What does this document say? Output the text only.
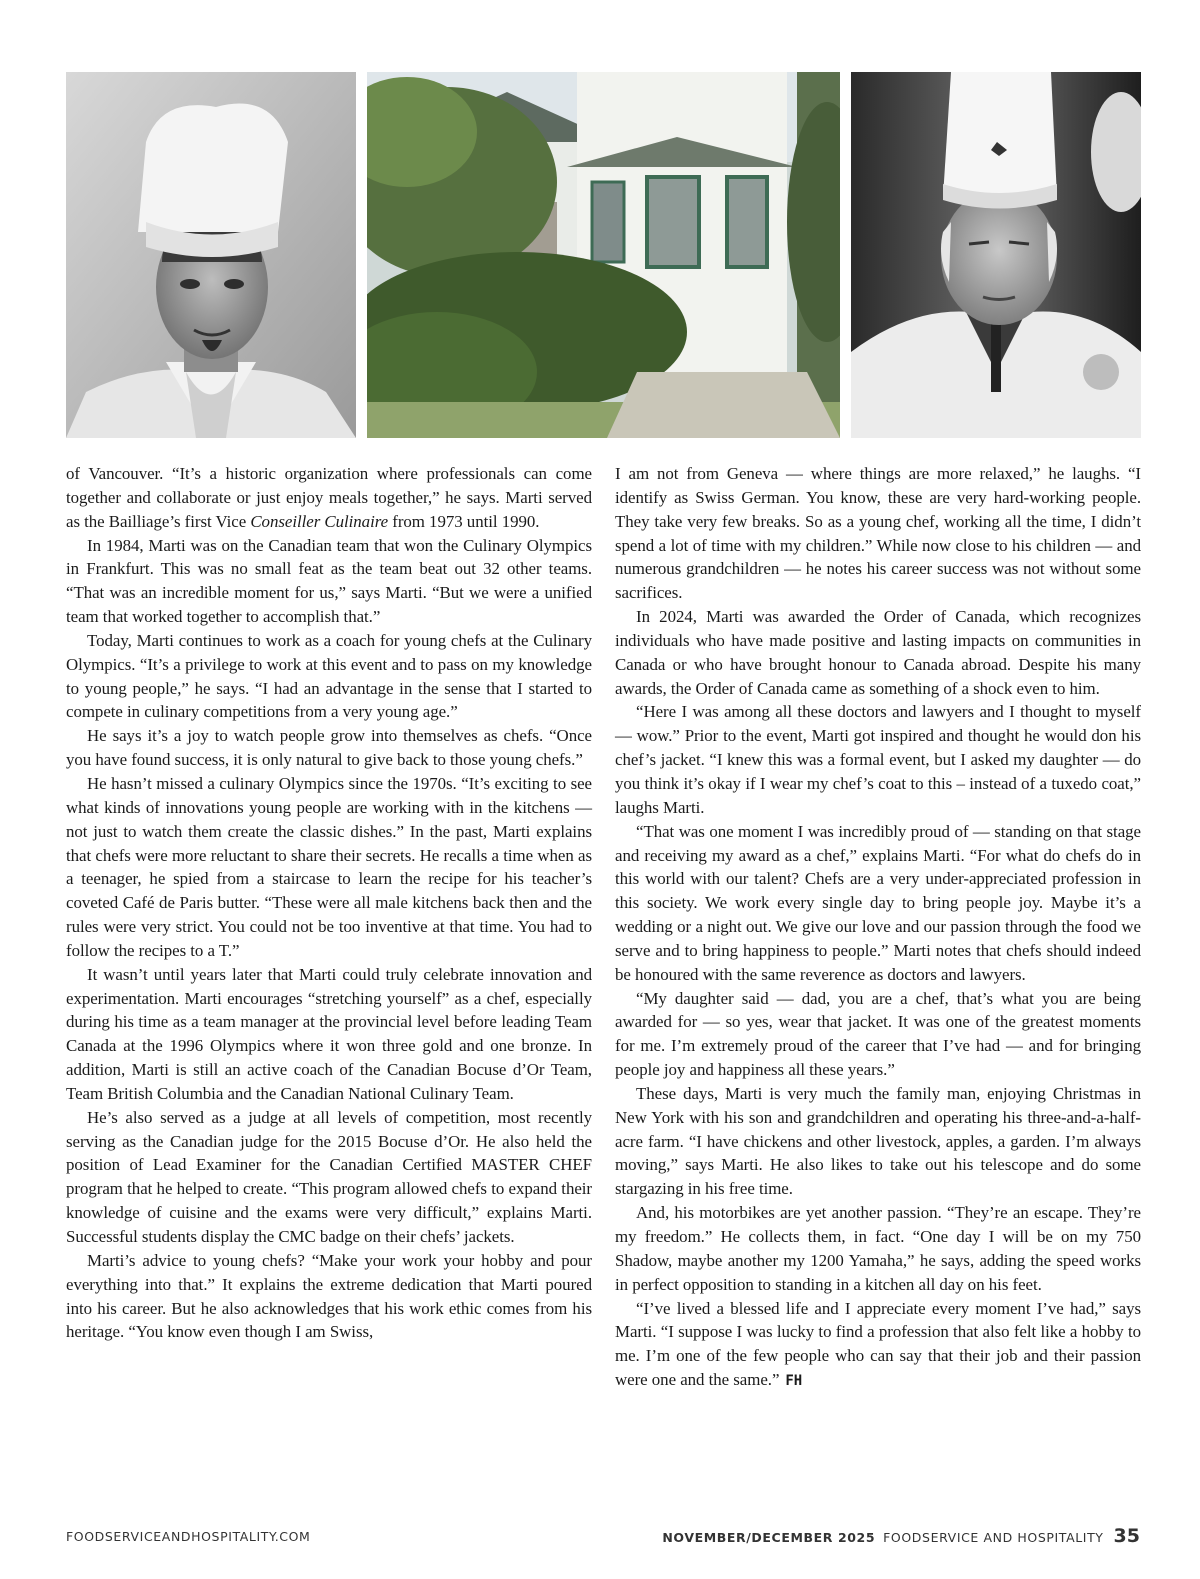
of Vancouver. “It’s a historic organization where professionals can come together and collaborate or just enjoy meals together,” he says. Marti served as the Bailliage’s first Vice Conseiller Culinaire from 1973 until 1990.

In 1984, Marti was on the Canadian team that won the Culinary Olympics in Frankfurt. This was no small feat as the team beat out 32 other teams. “That was an incredible moment for us,” says Marti. “But we were a unified team that worked together to accomplish that.”

Today, Marti continues to work as a coach for young chefs at the Culinary Olympics. “It’s a privilege to work at this event and to pass on my knowledge to young people,” he says. “I had an advantage in the sense that I started to compete in culinary competitions from a very young age.”

He says it’s a joy to watch people grow into themselves as chefs. “Once you have found success, it is only natural to give back to those young chefs.”

He hasn’t missed a culinary Olympics since the 1970s. “It’s exciting to see what kinds of innovations young people are working with in the kitchens — not just to watch them create the classic dishes.” In the past, Marti explains that chefs were more reluctant to share their secrets. He recalls a time when as a teenager, he spied from a staircase to learn the recipe for his teacher’s coveted Café de Paris butter. “These were all male kitchens back then and the rules were very strict. You could not be too inventive at that time. You had to follow the recipes to a T.”

It wasn’t until years later that Marti could truly celebrate innovation and experimentation. Marti encourages “stretching yourself” as a chef, especially during his time as a team manager at the provincial level before leading Team Canada at the 1996 Olympics where it won three gold and one bronze. In addition, Marti is still an active coach of the Canadian Bocuse d’Or Team, Team British Columbia and the Canadian National Culinary Team.

He’s also served as a judge at all levels of competition, most recently serving as the Canadian judge for the 2015 Bocuse d’Or. He also held the position of Lead Examiner for the Canadian Certified MASTER CHEF program that he helped to create. “This program allowed chefs to expand their knowledge of cuisine and the exams were very difficult,” explains Marti. Successful students display the CMC badge on their chefs’ jackets.

Marti’s advice to young chefs? “Make your work your hobby and pour everything into that.” It explains the extreme dedication that Marti poured into his career. But he also acknowledges that his work ethic comes from his heritage. “You know even though I am Swiss,

I am not from Geneva — where things are more relaxed,” he laughs. “I identify as Swiss German. You know, these are very hard-working people. They take very few breaks. So as a young chef, working all the time, I didn’t spend a lot of time with my children.” While now close to his children — and numerous grandchildren — he notes his career success was not without some sacrifices.

In 2024, Marti was awarded the Order of Canada, which recognizes individuals who have made positive and lasting impacts on communities in Canada or who have brought honour to Canada abroad. Despite his many awards, the Order of Canada came as something of a shock even to him.

“Here I was among all these doctors and lawyers and I thought to myself — wow.” Prior to the event, Marti got inspired and thought he would don his chef’s jacket. “I knew this was a formal event, but I asked my daughter — do you think it’s okay if I wear my chef’s coat to this – instead of a tuxedo coat,” laughs Marti.

“That was one moment I was incredibly proud of — standing on that stage and receiving my award as a chef,” explains Marti. “For what do chefs do in this world with our talent? Chefs are a very under-appreciated profession in this society. We work every single day to bring people joy. Maybe it’s a wedding or a night out. We give our love and our passion through the food we serve and to bring happiness to people.” Marti notes that chefs should indeed be honoured with the same reverence as doctors and lawyers.

“My daughter said — dad, you are a chef, that’s what you are being awarded for — so yes, wear that jacket. It was one of the greatest moments for me. I’m extremely proud of the career that I’ve had — and for bringing people joy and happiness all these years.”

These days, Marti is very much the family man, enjoying Christmas in New York with his son and grandchildren and operating his three-and-a-half-acre farm. “I have chickens and other livestock, apples, a garden. I’m always moving,” says Marti. He also likes to take out his telescope and do some stargazing in his free time.

And, his motorbikes are yet another passion. “They’re an escape. They’re my freedom.” He collects them, in fact. “One day I will be on my 750 Shadow, maybe another my 1200 Yamaha,” he says, adding the speed works in perfect opposition to standing in a kitchen all day on his feet.

“I’ve lived a blessed life and I appreciate every moment I’ve had,” says Marti. “I suppose I was lucky to find a profession that also felt like a hobby to me. I’m one of the few people who can say that their job and their passion were one and the same.” FH

FOODSERVICEANDHOSPITALITY.COM	NOVEMBER/DECEMBER 2025 FOODSERVICE AND HOSPITALITY 35
